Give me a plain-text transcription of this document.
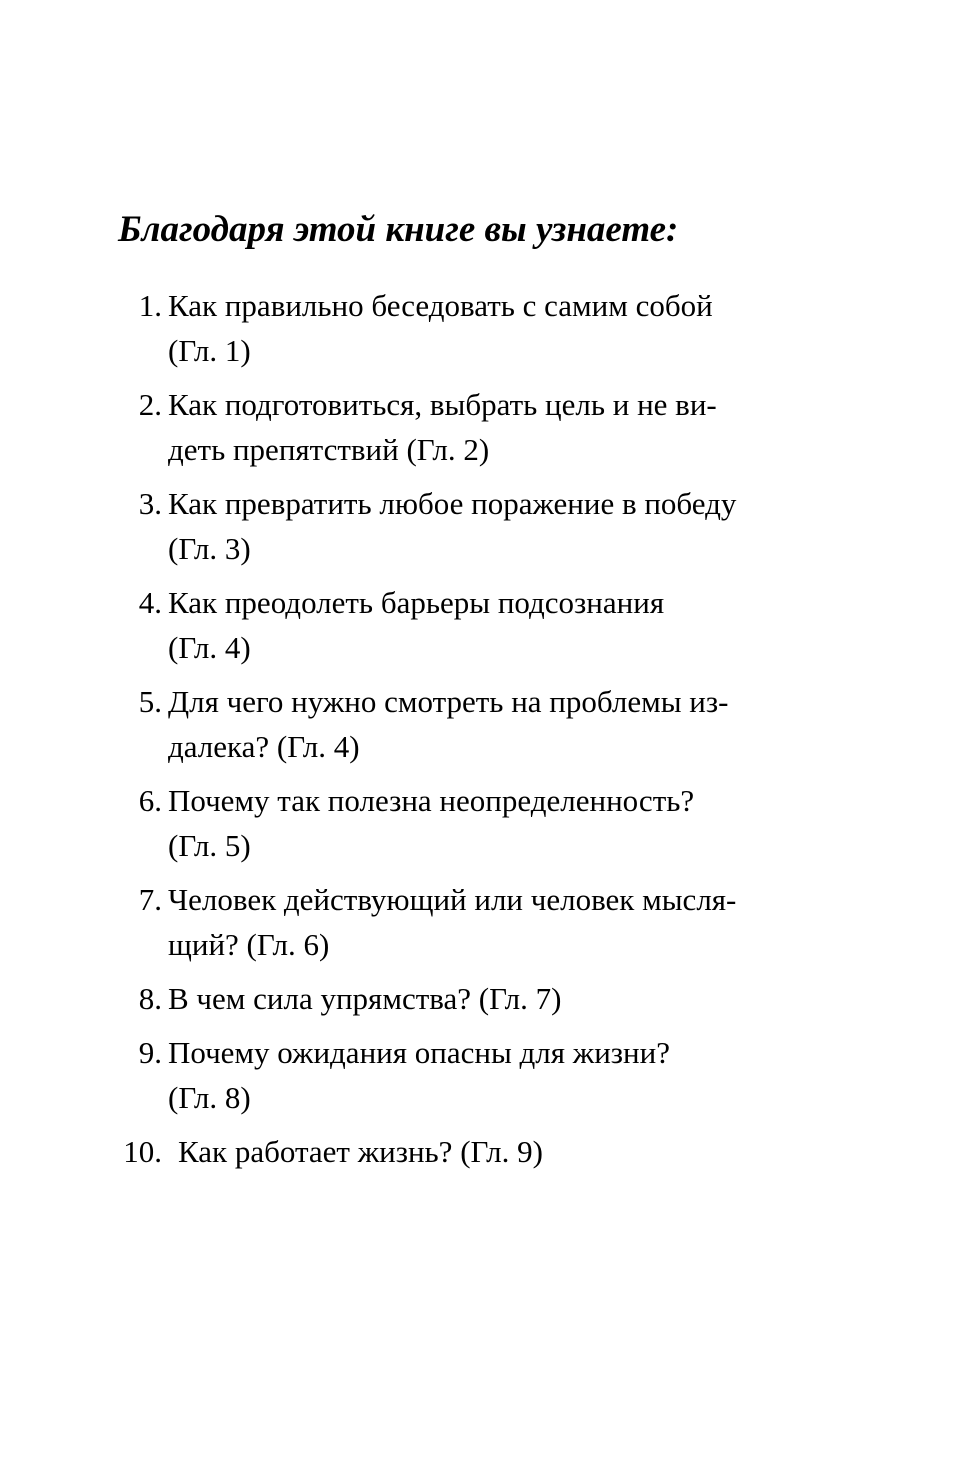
Благодаря этой книге вы узнаете:
1. Как правильно беседовать с самим собой
(Гл. 1)
2. Как подготовиться, выбрать цель и не ви-
деть препятствий (Гл. 2)
3. Как превратить любое поражение в победу
(Гл. 3)
4. Как преодолеть барьеры подсознания
(Гл. 4)
5. Для чего нужно смотреть на проблемы из-
далека? (Гл. 4)
6. Почему так полезна неопределенность?
(Гл. 5)
7. Человек действующий или человек мысля-
щий? (Гл. 6)
8. В чем сила упрямства? (Гл. 7)
9. Почему ожидания опасны для жизни?
(Гл. 8)
10. Как работает жизнь? (Гл. 9)
